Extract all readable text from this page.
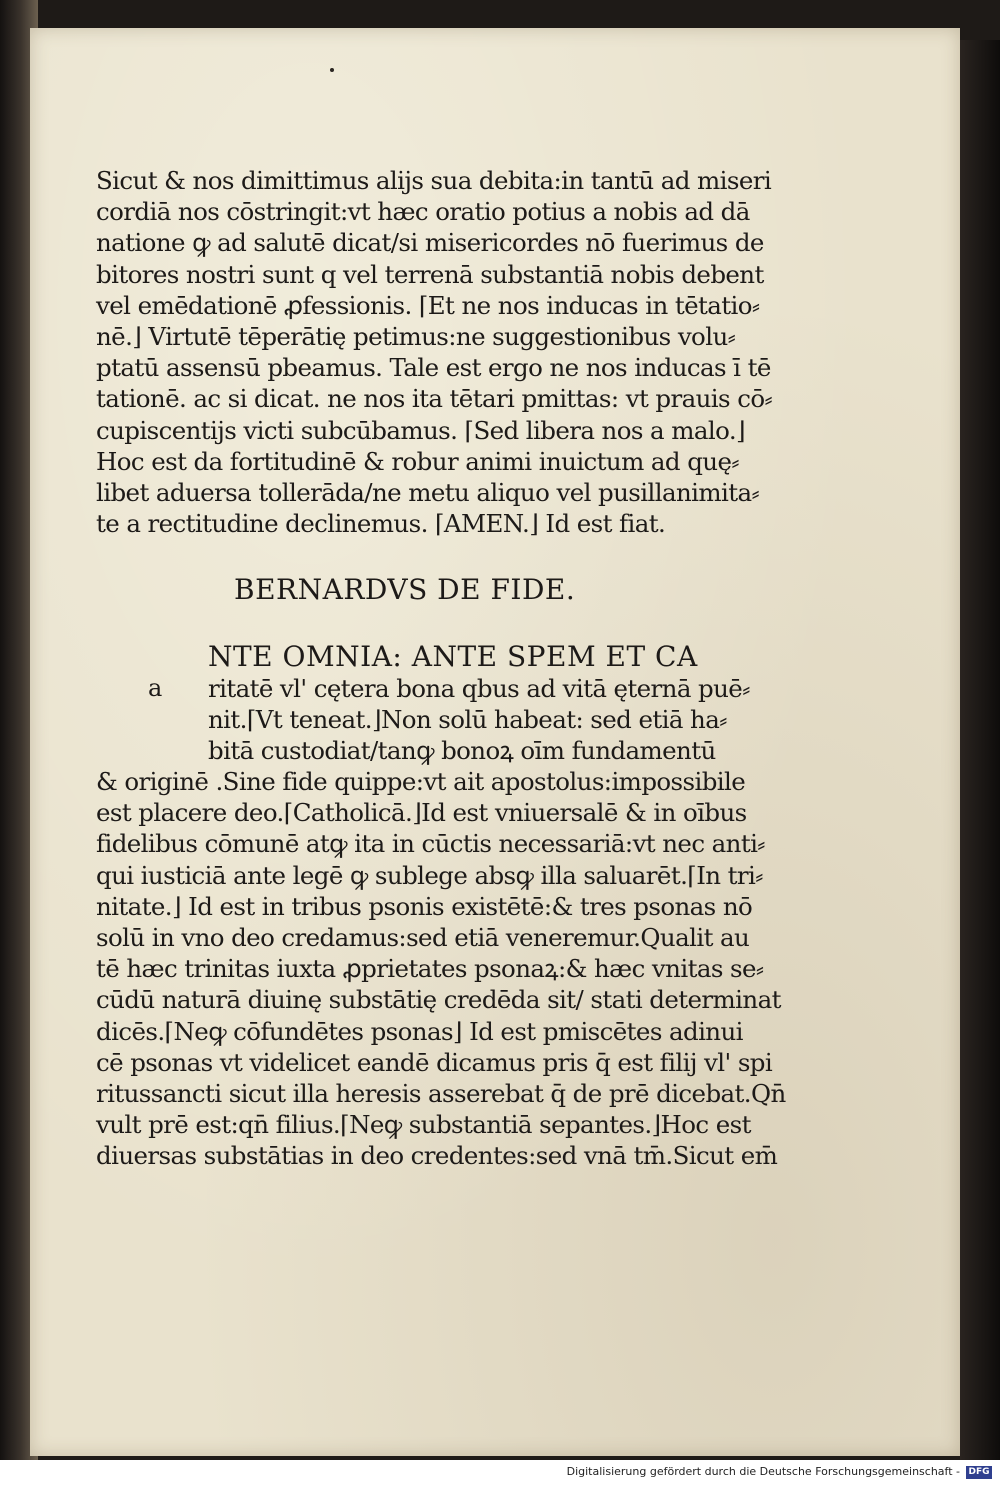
Sicut & nos dimittimus alijs sua debita:in tantū ad miseri
cordiā nos cōstringit:vt hæc oratio potius a nobis ad dā
natione ꝙ ad salutē dicat/si misericordes nō fuerimus de
bitores nostri sunt q vel terrenā substantiā nobis debent
vel emēdationē ꝓfessionis. ⌈Et ne nos inducas in tētatio⸗
nē.⌋ Virtutē tēperātię petimus:ne suggestionibus volu⸗
ptatū assensū pbeamus. Tale est ergo ne nos inducas ī tē
tationē. ac si dicat. ne nos ita tētari pmittas: vt prauis cō⸗
cupiscentijs victi subcūbamus. ⌈Sed libera nos a malo.⌋
Hoc est da fortitudinē & robur animi inuictum ad quę⸗
libet aduersa tollerāda/ne metu aliquo vel pusillanimita⸗
te a rectitudine declinemus. ⌈AMEN.⌋ Id est fiat.
BERNARDVS DE FIDE.
NTE OMNIA: ANTE SPEM ET CA
a ritatē vl' cętera bona qbus ad vitā ęternā puē⸗
nit.⌈Vt teneat.⌋Non solū habeat: sed etiā ha⸗
bitā custodiat/tanꝙ bonoꝝ oīm fundamentū
& originē .Sine fide quippe:vt ait apostolus:impossibile
est placere deo.⌈Catholicā.⌋Id est vniuersalē & in oībus
fidelibus cōmunē atꝙ ita in cūctis necessariā:vt nec anti⸗
qui iusticiā ante legē ꝙ sublege absꝙ illa saluarēt.⌈In tri⸗
nitate.⌋ Id est in tribus psonis existētē:& tres psonas nō
solū in vno deo credamus:sed etiā veneremur.Qualit au
tē hæc trinitas iuxta ꝓprietates psonaꝝ:& hæc vnitas se⸗
cūdū naturā diuinę substātię credēda sit/ stati determinat
dicēs.⌈Neꝙ cōfundētes psonas⌋ Id est pmiscētes adinui
cē psonas vt videlicet eandē dicamus pris q̄ est filij vl' spi
ritussancti sicut illa heresis asserebat q̄ de prē dicebat.Qn̄
vult prē est:qn̄ filius.⌈Neꝙ substantiā sepantes.⌋Hoc est
diuersas substātias in deo credentes:sed vnā tm̄.Sicut em̄
Digitalisierung gefördert durch die Deutsche Forschungsgemeinschaft - DFG
